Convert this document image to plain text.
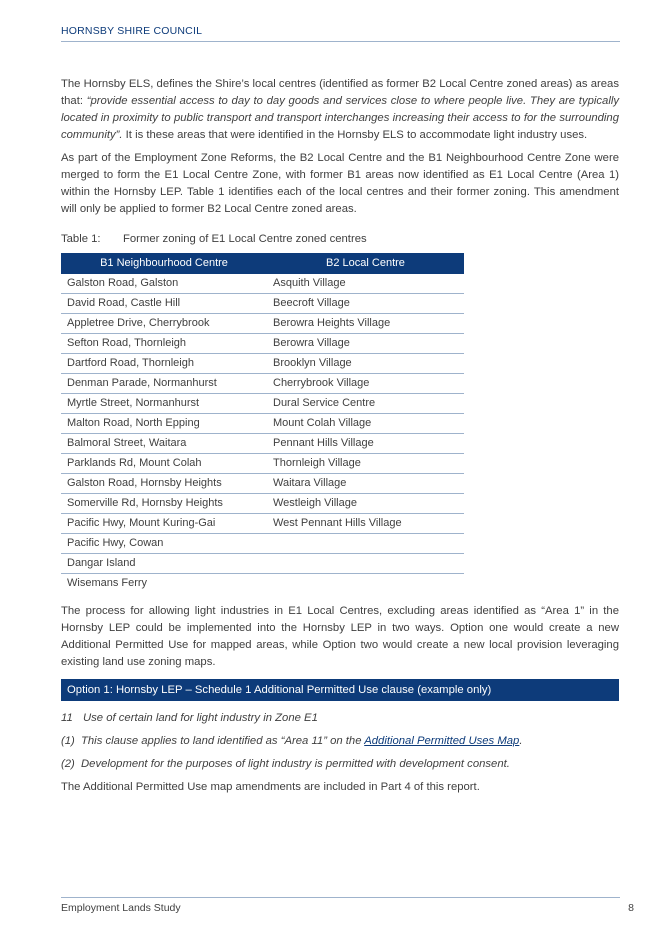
HORNSBY SHIRE COUNCIL

The Hornsby ELS, defines the Shire’s local centres (identified as former B2 Local Centre zoned areas) as areas that: “provide essential access to day to day goods and services close to where people live. They are typically located in proximity to public transport and transport interchanges increasing their access to for the surrounding community”. It is these areas that were identified in the Hornsby ELS to accommodate light industry uses.

As part of the Employment Zone Reforms, the B2 Local Centre and the B1 Neighbourhood Centre Zone were merged to form the E1 Local Centre Zone, with former B1 areas now identified as E1 Local Centre (Area 1) within the Hornsby LEP. Table 1 identifies each of the local centres and their former zoning. This amendment will only be applied to former B2 Local Centre zoned areas.

Table 1: Former zoning of E1 Local Centre zoned centres
B1 Neighbourhood Centre	B2 Local Centre
Galston Road, Galston	Asquith Village
David Road, Castle Hill	Beecroft Village
Appletree Drive, Cherrybrook	Berowra Heights Village
Sefton Road, Thornleigh	Berowra Village
Dartford Road, Thornleigh	Brooklyn Village
Denman Parade, Normanhurst	Cherrybrook Village
Myrtle Street, Normanhurst	Dural Service Centre
Malton Road, North Epping	Mount Colah Village
Balmoral Street, Waitara	Pennant Hills Village
Parklands Rd, Mount Colah	Thornleigh Village
Galston Road, Hornsby Heights	Waitara Village
Somerville Rd, Hornsby Heights	Westleigh Village
Pacific Hwy, Mount Kuring-Gai	West Pennant Hills Village
Pacific Hwy, Cowan	
Dangar Island	
Wisemans Ferry	

The process for allowing light industries in E1 Local Centres, excluding areas identified as “Area 1” in the Hornsby LEP could be implemented into the Hornsby LEP in two ways. Option one would create a new Additional Permitted Use for mapped areas, while Option two would create a new local provision leveraging existing land use zoning maps.

Option 1: Hornsby LEP – Schedule 1 Additional Permitted Use clause (example only)

11 Use of certain land for light industry in Zone E1

(1) This clause applies to land identified as “Area 11” on the Additional Permitted Uses Map.

(2) Development for the purposes of light industry is permitted with development consent.

The Additional Permitted Use map amendments are included in Part 4 of this report.

Employment Lands Study	8
